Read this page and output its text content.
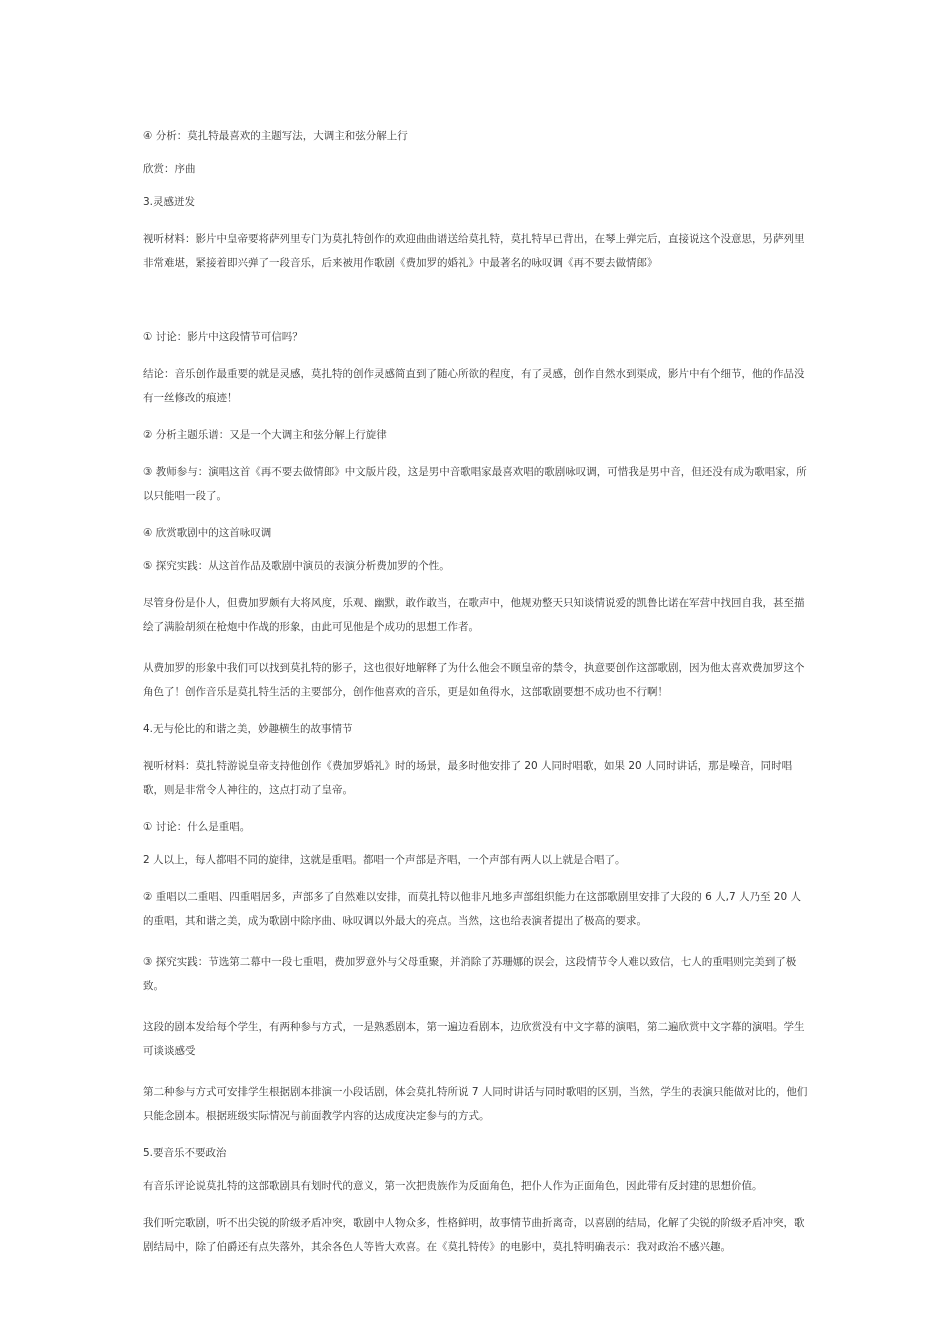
④ 分析：莫扎特最喜欢的主题写法，大调主和弦分解上行

欣赏：序曲

3.灵感迸发

视听材料：影片中皇帝要将萨列里专门为莫扎特创作的欢迎曲曲谱送给莫扎特，莫扎特早已背出，在琴上弹完后，直接说这个没意思，另萨列里非常难堪，紧接着即兴弹了一段音乐，后来被用作歌剧《费加罗的婚礼》中最著名的咏叹调《再不要去做情郎》

① 讨论：影片中这段情节可信吗？

结论：音乐创作最重要的就是灵感，莫扎特的创作灵感简直到了随心所欲的程度，有了灵感，创作自然水到渠成，影片中有个细节，他的作品没有一丝修改的痕迹！

② 分析主题乐谱：又是一个大调主和弦分解上行旋律

③ 教师参与：演唱这首《再不要去做情郎》中文版片段，这是男中音歌唱家最喜欢唱的歌剧咏叹调，可惜我是男中音，但还没有成为歌唱家，所以只能唱一段了。

④ 欣赏歌剧中的这首咏叹调

⑤ 探究实践：从这首作品及歌剧中演员的表演分析费加罗的个性。

尽管身份是仆人，但费加罗颇有大将风度，乐观、幽默，敢作敢当，在歌声中，他规劝整天只知谈情说爱的凯鲁比诺在军营中找回自我，甚至描绘了满脸胡须在枪炮中作战的形象，由此可见他是个成功的思想工作者。

从费加罗的形象中我们可以找到莫扎特的影子，这也很好地解释了为什么他会不顾皇帝的禁令，执意要创作这部歌剧，因为他太喜欢费加罗这个角色了！创作音乐是莫扎特生活的主要部分，创作他喜欢的音乐，更是如鱼得水，这部歌剧要想不成功也不行啊！

4.无与伦比的和谐之美，妙趣横生的故事情节

视听材料：莫扎特游说皇帝支持他创作《费加罗婚礼》时的场景，最多时他安排了 20 人同时唱歌，如果 20 人同时讲话，那是噪音，同时唱歌，则是非常令人神往的，这点打动了皇帝。

① 讨论：什么是重唱。

2 人以上，每人都唱不同的旋律，这就是重唱。都唱一个声部是齐唱，一个声部有两人以上就是合唱了。

② 重唱以二重唱、四重唱居多，声部多了自然难以安排，而莫扎特以他非凡地多声部组织能力在这部歌剧里安排了大段的 6 人,7 人乃至 20 人的重唱，其和谐之美，成为歌剧中除序曲、咏叹调以外最大的亮点。当然，这也给表演者提出了极高的要求。

③ 探究实践：节选第二幕中一段七重唱，费加罗意外与父母重聚，并消除了苏珊娜的误会，这段情节令人难以致信，七人的重唱则完美到了极致。

这段的剧本发给每个学生，有两种参与方式，一是熟悉剧本，第一遍边看剧本，边欣赏没有中文字幕的演唱，第二遍欣赏中文字幕的演唱。学生可谈谈感受

第二种参与方式可安排学生根据剧本排演一小段话剧，体会莫扎特所说 7 人同时讲话与同时歌唱的区别，当然，学生的表演只能做对比的，他们只能念剧本。根据班级实际情况与前面教学内容的达成度决定参与的方式。

5.要音乐不要政治

有音乐评论说莫扎特的这部歌剧具有划时代的意义，第一次把贵族作为反面角色，把仆人作为正面角色，因此带有反封建的思想价值。

我们听完歌剧，听不出尖锐的阶级矛盾冲突，歌剧中人物众多，性格鲜明，故事情节曲折离奇，以喜剧的结局，化解了尖锐的阶级矛盾冲突，歌剧结局中，除了伯爵还有点失落外，其余各色人等皆大欢喜。在《莫扎特传》的电影中，莫扎特明确表示：我对政治不感兴趣。
